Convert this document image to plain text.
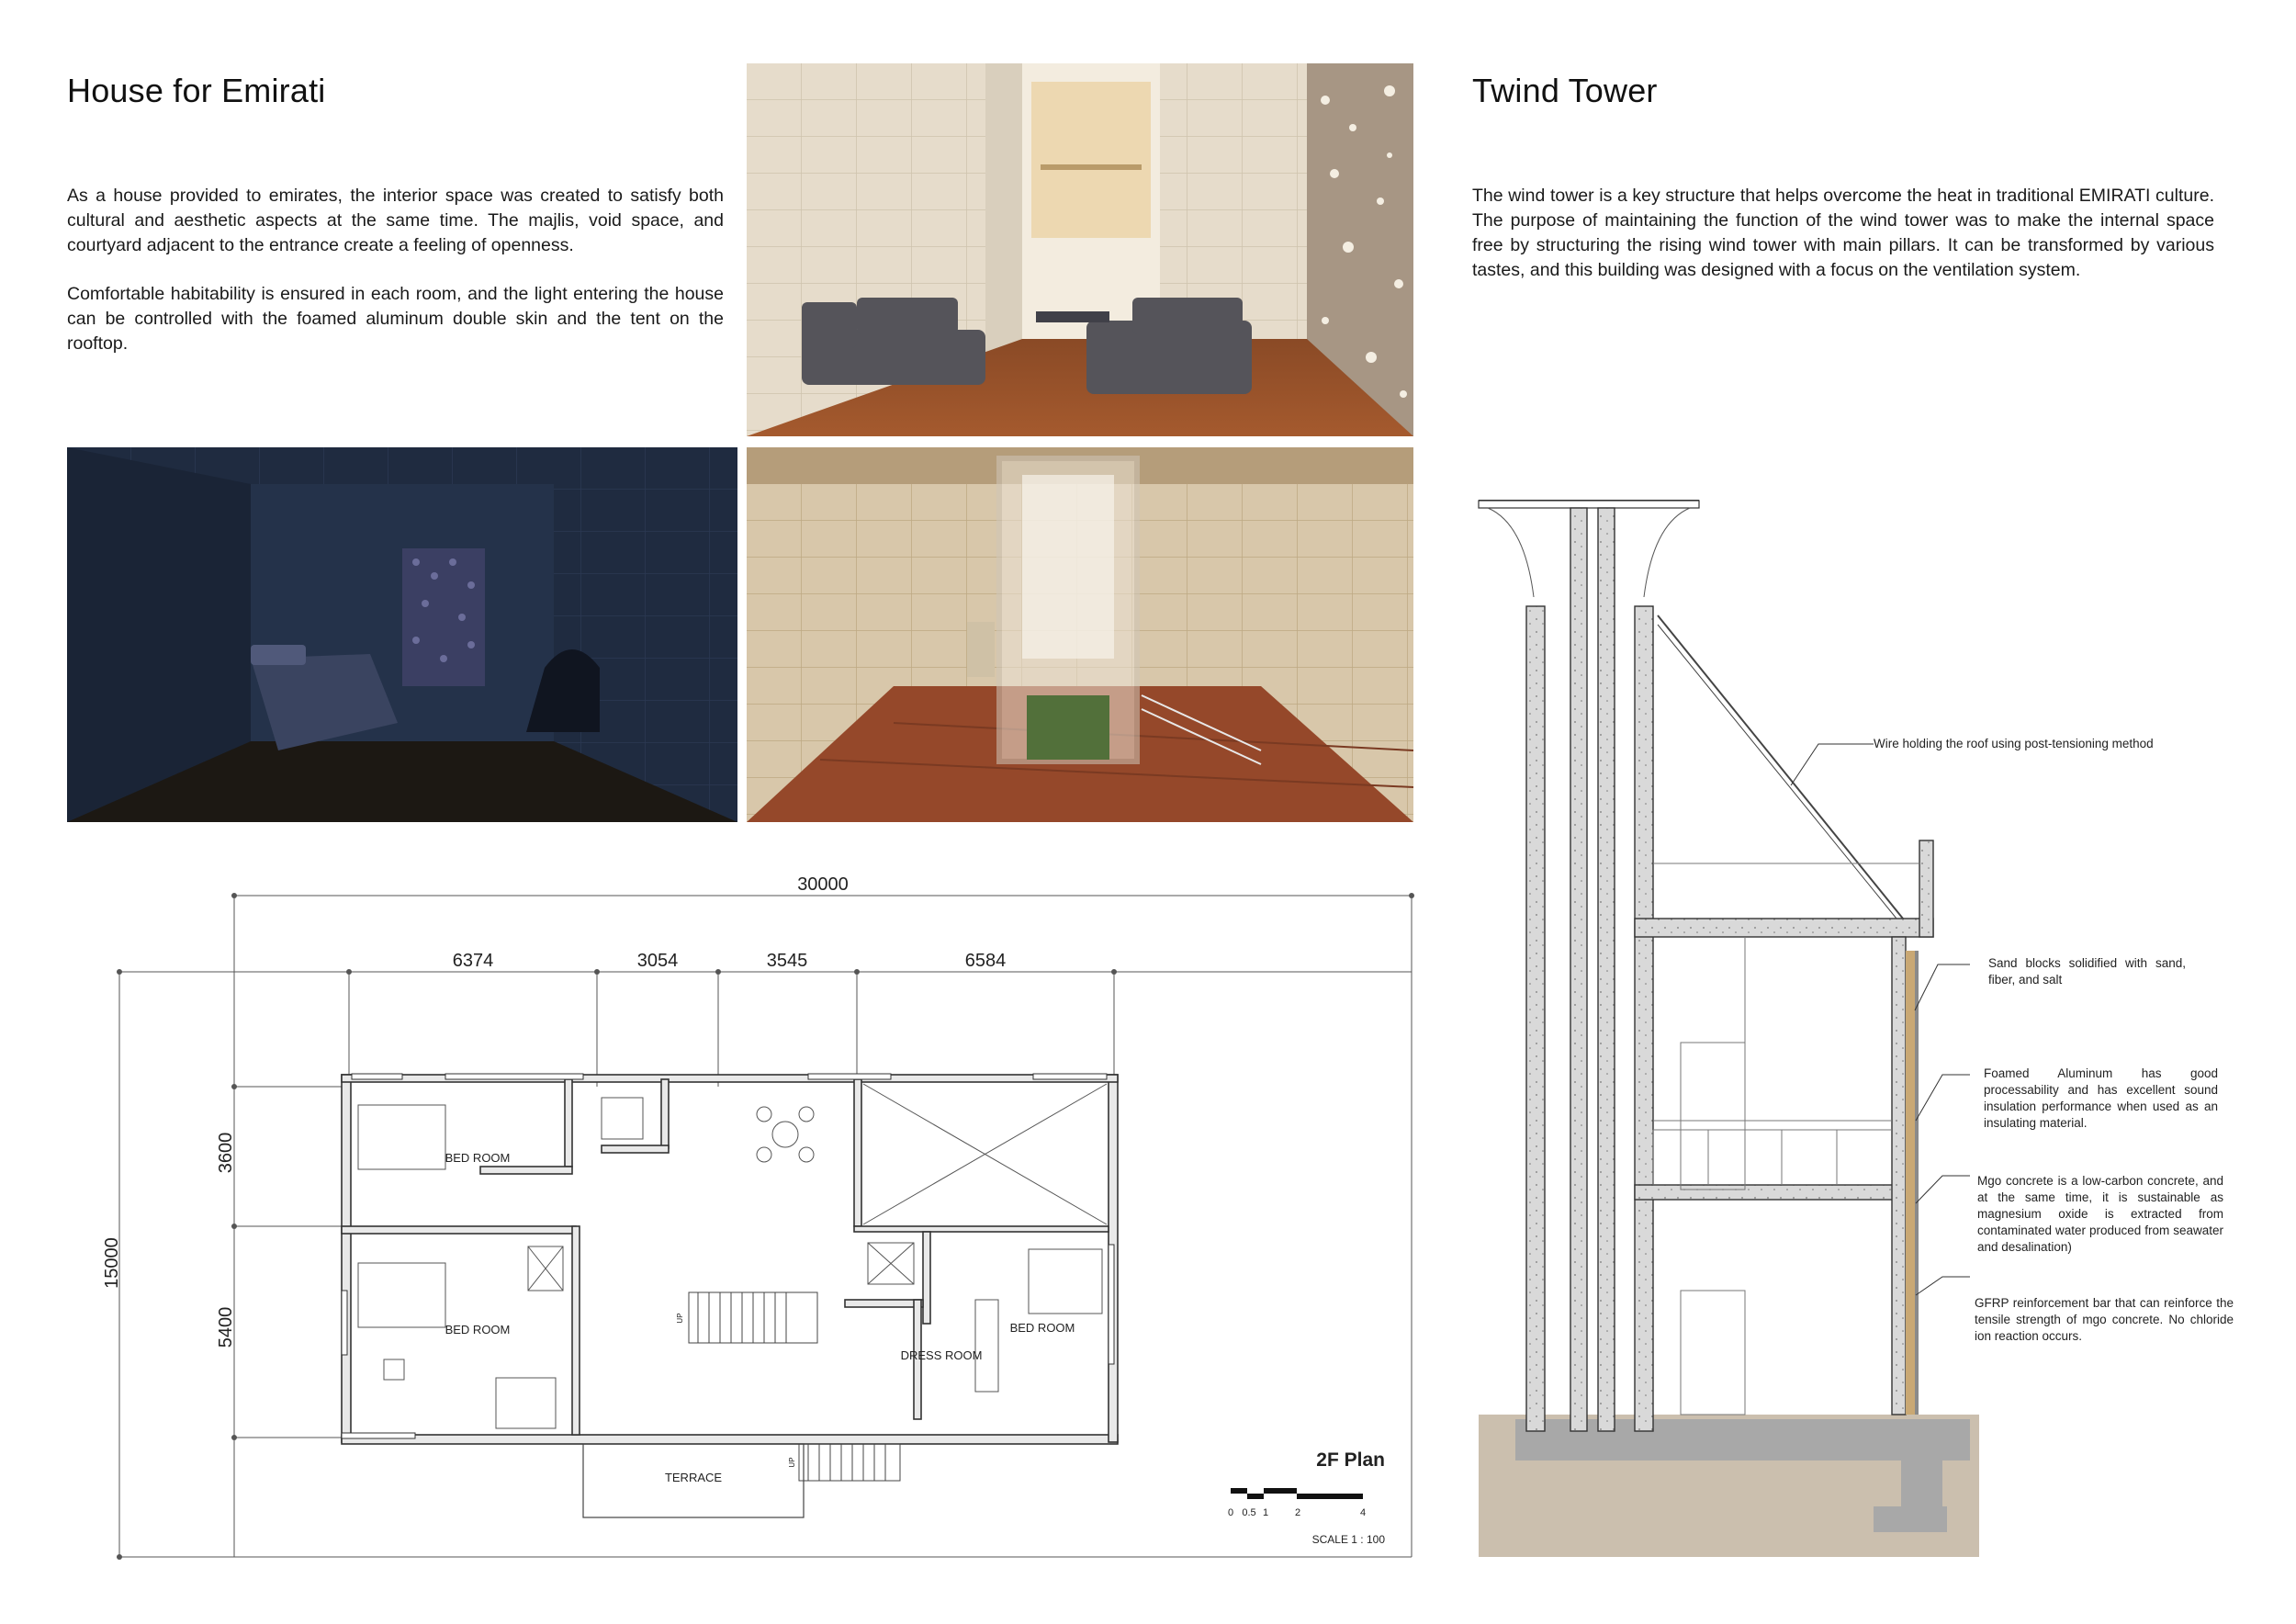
House for Emirati

As a house provided to emirates, the interior space was created to satisfy both cultural and aesthetic aspects at the same time. The majlis, void space, and courtyard adjacent to the entrance create a feeling of openness.

Comfortable habitability is ensured in each room, and the light entering the house can be controlled with the foamed aluminum double skin and the tent on the rooftop.

Twind Tower
The wind tower is a key structure that helps overcome the heat in traditional EMIRATI culture. The purpose of maintaining the function of the wind tower was to make the internal space free by structuring the rising wind tower with main pillars. It can be transformed by various tastes, and this building was designed with a focus on the ventilation system.
30000
6374	3054	3545	6584
15000
3600
5400
BED ROOM
BED ROOM	BED ROOM
DRESS ROOM
TERRACE
UP
UP	2F Plan
0 0.5 1	2	4
SCALE 1 : 100
Wire holding the roof using post-tensioning method
Sand blocks solidified with sand, fiber, and salt
Foamed Aluminum has good processability and has excellent sound insulation performance when used as an insulating material.
Mgo concrete is a low-carbon concrete, and at the same time, it is sustainable as magnesium oxide is extracted from contaminated water produced from seawater and desalination)
GFRP reinforcement bar that can reinforce the tensile strength of mgo concrete. No chloride ion reaction occurs.
